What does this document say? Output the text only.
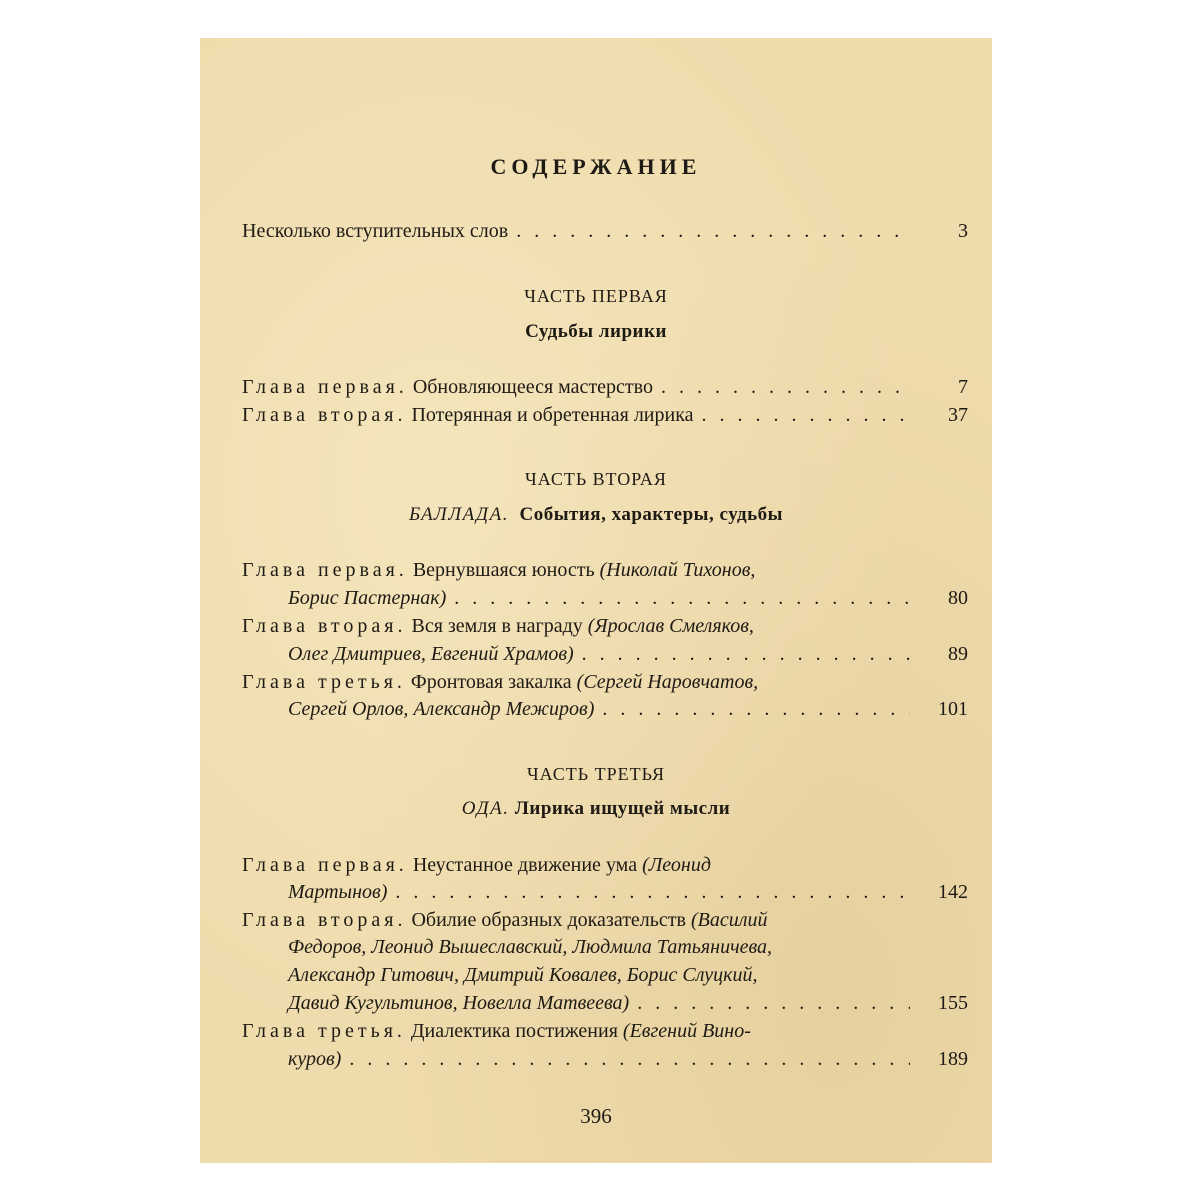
СОДЕРЖАНИЕ
Несколько вступительных слов . . .	3
ЧАСТЬ ПЕРВАЯ
Судьбы лирики
Глава первая. Обновляющееся мастерство . . .	7
Глава вторая. Потерянная и обретенная лирика . . .	37
ЧАСТЬ ВТОРАЯ
БАЛЛАДА. События, характеры, судьбы
Глава первая. Вернувшаяся юность (Николай Тихонов,
Борис Пастернак) . . .	80
Глава вторая. Вся земля в награду (Ярослав Смеляков,
Олег Дмитриев, Евгений Храмов) . . .	89
Глава третья. Фронтовая закалка (Сергей Наровчатов,
Сергей Орлов, Александр Межиров) . . .	101
ЧАСТЬ ТРЕТЬЯ
ОДА. Лирика ищущей мысли
Глава первая. Неустанное движение ума (Леонид
Мартынов) . . .	142
Глава вторая. Обилие образных доказательств (Василий
Федоров, Леонид Вышеславский, Людмила Татьяничева,
Александр Гитович, Дмитрий Ковалев, Борис Слуцкий,
Давид Кугультинов, Новелла Матвеева) . . .	155
Глава третья. Диалектика постижения (Евгений Вино-
куров) . . .	189
396
